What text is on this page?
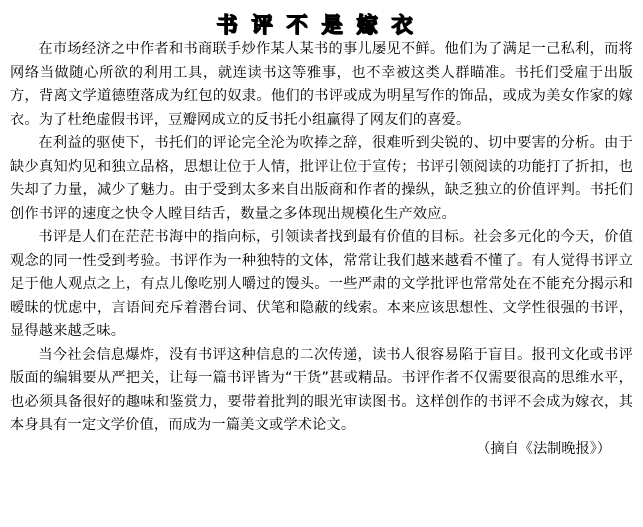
书评不是嫁衣

在市场经济之中作者和书商联手炒作某人某书的事儿屡见不鲜。他们为了满足一己私利，而将网络当做随心所欲的利用工具，就连读书这等雅事，也不幸被这类人群瞄准。书托们受雇于出版方，背离文学道德堕落成为红包的奴隶。他们的书评或成为明星写作的饰品，或成为美女作家的嫁衣。为了杜绝虚假书评，豆瓣网成立的反书托小组赢得了网友们的喜爱。

在利益的驱使下，书托们的评论完全沦为吹捧之辞，很难听到尖锐的、切中要害的分析。由于缺少真知灼见和独立品格，思想让位于人情，批评让位于宣传；书评引领阅读的功能打了折扣，也失却了力量，减少了魅力。由于受到太多来自出版商和作者的操纵，缺乏独立的价值评判。书托们创作书评的速度之快令人瞠目结舌，数量之多体现出规模化生产效应。

书评是人们在茫茫书海中的指向标，引领读者找到最有价值的目标。社会多元化的今天，价值观念的同一性受到考验。书评作为一种独特的文体，常常让我们越来越看不懂了。有人觉得书评立足于他人观点之上，有点儿像吃别人嚼过的馒头。一些严肃的文学批评也常常处在不能充分揭示和暧昧的忧虑中，言语间充斥着潜台词、伏笔和隐蔽的线索。本来应该思想性、文学性很强的书评，显得越来越乏味。

当今社会信息爆炸，没有书评这种信息的二次传递，读书人很容易陷于盲目。报刊文化或书评版面的编辑要从严把关，让每一篇书评皆为“干货”甚或精品。书评作者不仅需要很高的思维水平，也必须具备很好的趣味和鉴赏力，要带着批判的眼光审读图书。这样创作的书评不会成为嫁衣，其本身具有一定文学价值，而成为一篇美文或学术论文。

（摘自《法制晚报》）
